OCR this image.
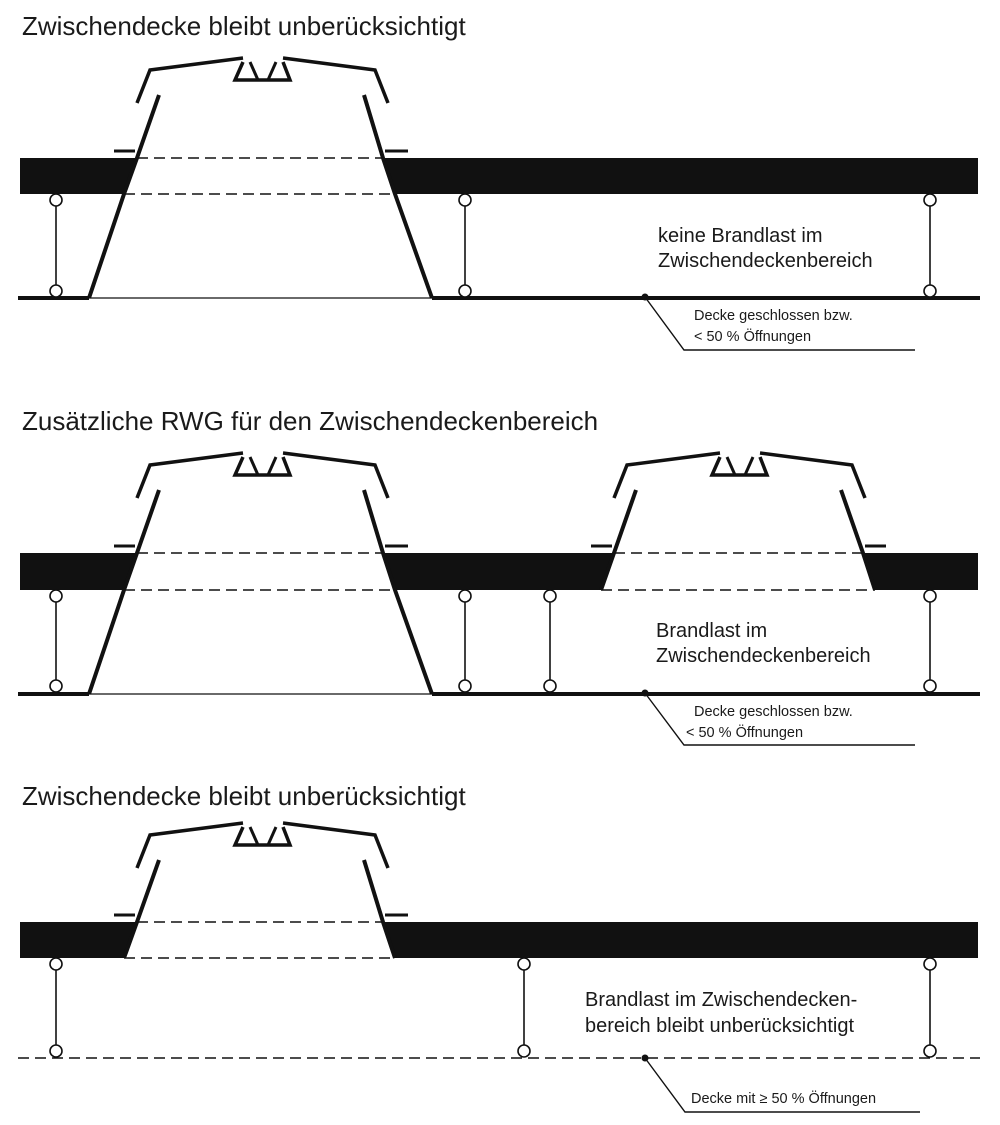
Zwischendecke bleibt unberücksichtigt
keine Brandlast im
Zwischendeckenbereich
Decke geschlossen bzw.
< 50 % Öffnungen
Zusätzliche RWG für den Zwischendeckenbereich
Brandlast im
Zwischendeckenbereich
Decke geschlossen bzw.
< 50 % Öffnungen
Zwischendecke bleibt unberücksichtigt
Brandlast im Zwischendecken-
bereich bleibt unberücksichtigt
Decke mit ≥ 50 % Öffnungen
